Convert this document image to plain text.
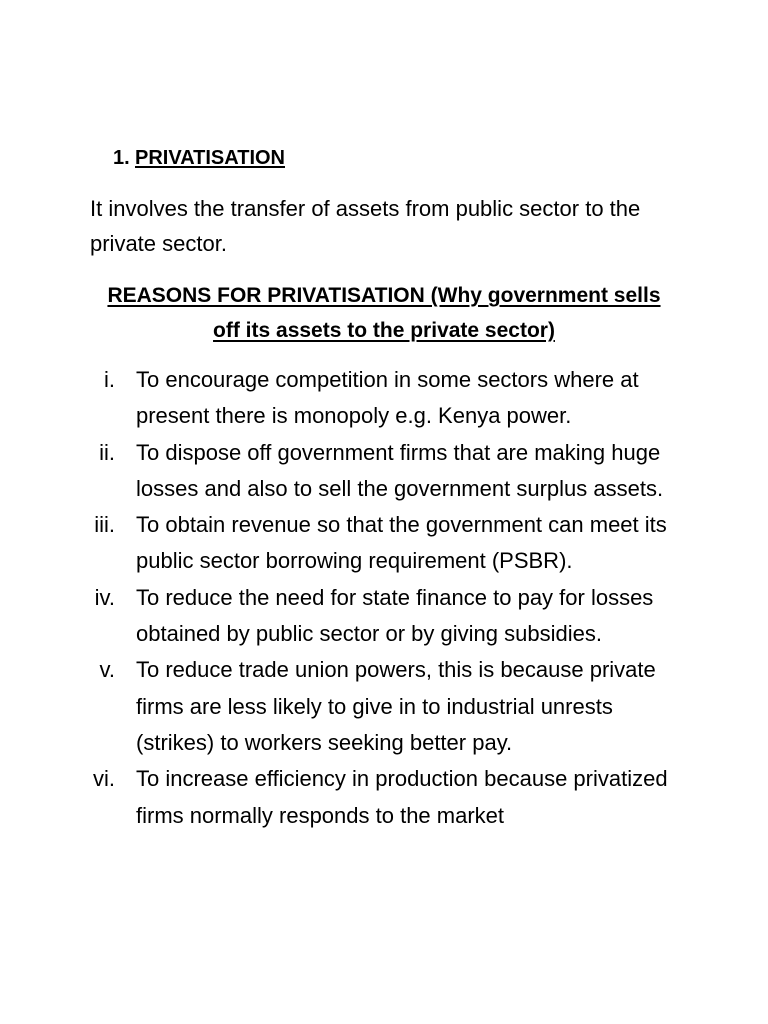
1. PRIVATISATION
It involves the transfer of assets from public sector to the private sector.
REASONS FOR PRIVATISATION (Why government sells
off its assets to the private sector)
i. To encourage competition in some sectors where at present there is monopoly e.g. Kenya power.
ii. To dispose off government firms that are making huge losses and also to sell the government surplus assets.
iii. To obtain revenue so that the government can meet its public sector borrowing requirement (PSBR).
iv. To reduce the need for state finance to pay for losses obtained by public sector or by giving subsidies.
v. To reduce trade union powers, this is because private firms are less likely to give in to industrial unrests (strikes) to workers seeking better pay.
vi. To increase efficiency in production because privatized firms normally responds to the market
